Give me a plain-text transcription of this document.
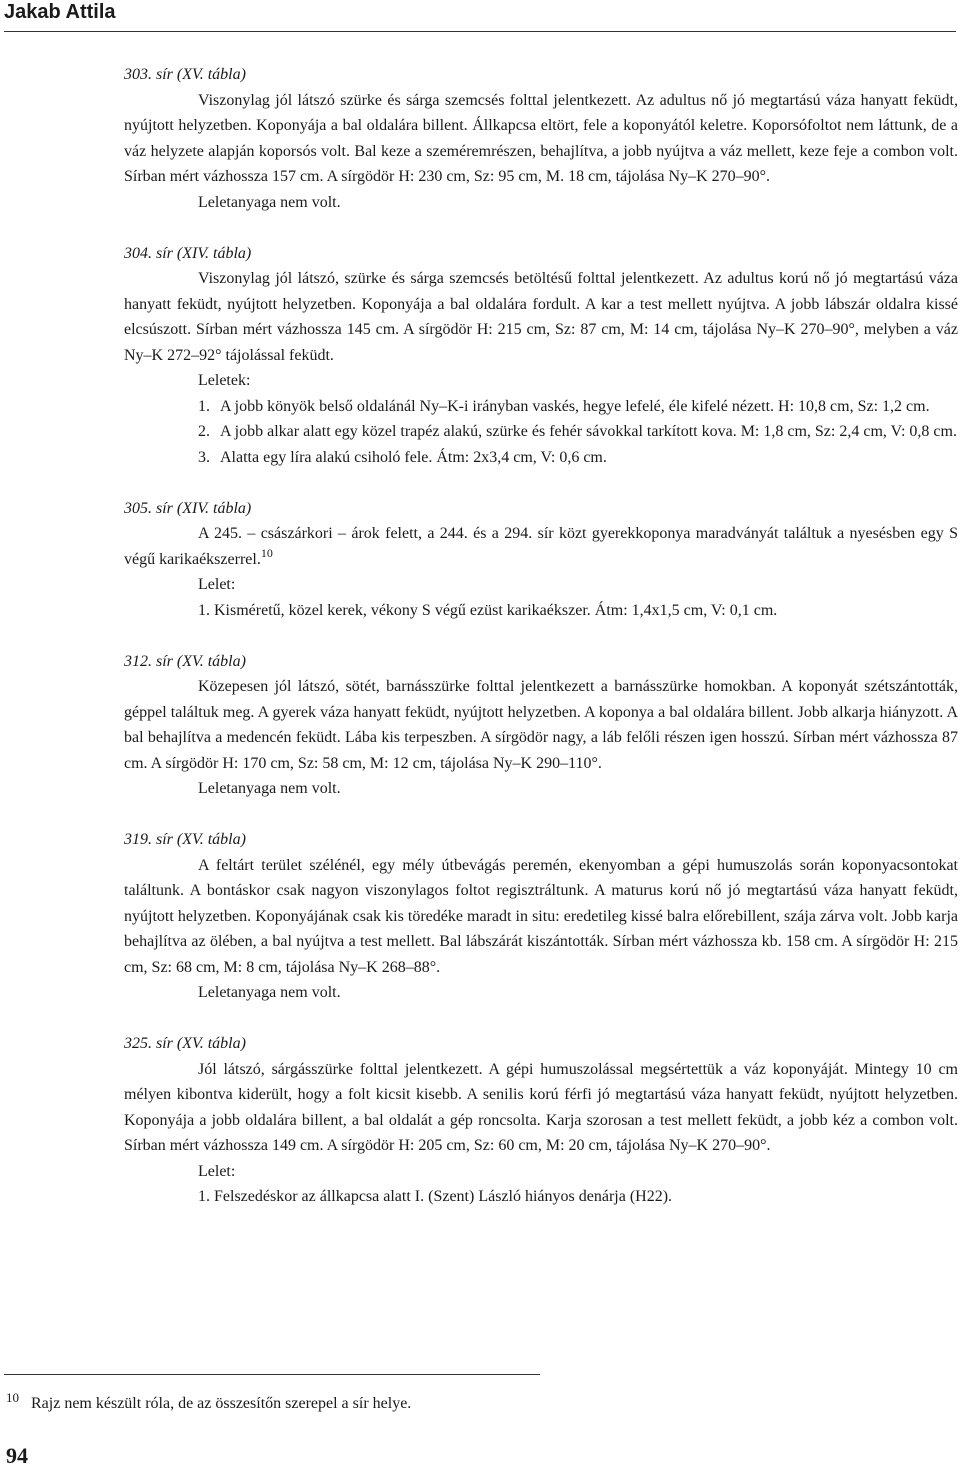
Jakab Attila
303. sír (XV. tábla)

Viszonylag jól látszó szürke és sárga szemcsés folttal jelentkezett. Az adultus nő jó megtartású váza hanyatt feküdt, nyújtott helyzetben. Koponyája a bal oldalára billent. Állkapcsa eltört, fele a koponyától keletre. Koporsófoltot nem láttunk, de a váz helyzete alapján koporsós volt. Bal keze a szeméremrészen, behajlítva, a jobb nyújtva a váz mellett, keze feje a combon volt. Sírban mért vázhossza 157 cm. A sírgödör H: 230 cm, Sz: 95 cm, M. 18 cm, tájolása Ny–K 270–90°.

Leletanyaga nem volt.

304. sír (XIV. tábla)

Viszonylag jól látszó, szürke és sárga szemcsés betöltésű folttal jelentkezett. Az adultus korú nő jó megtartású váza hanyatt feküdt, nyújtott helyzetben. Koponyája a bal oldalára fordult. A kar a test mellett nyújtva. A jobb lábszár oldalra kissé elcsúszott. Sírban mért vázhossza 145 cm. A sírgödör H: 215 cm, Sz: 87 cm, M: 14 cm, tájolása Ny–K 270–90°, melyben a váz Ny–K 272–92° tájolással feküdt.

Leletek:

1. A jobb könyök belső oldalánál Ny–K-i irányban vaskés, hegye lefelé, éle kifelé nézett. H: 10,8 cm, Sz: 1,2 cm.
2. A jobb alkar alatt egy közel trapéz alakú, szürke és fehér sávokkal tarkított kova. M: 1,8 cm, Sz: 2,4 cm, V: 0,8 cm.
3. Alatta egy líra alakú csiholó fele. Átm: 2x3,4 cm, V: 0,6 cm.
305. sír (XIV. tábla)

A 245. – császárkori – árok felett, a 244. és a 294. sír közt gyerekkoponya maradványát találtuk a nyesésben egy S végű karikaékszerrel.$^{10}$

Lelet:

1. Kisméretű, közel kerek, vékony S végű ezüst karikaékszer. Átm: 1,4x1,5 cm, V: 0,1 cm.

312. sír (XV. tábla)

Közepesen jól látszó, sötét, barnásszürke folttal jelentkezett a barnásszürke homokban. A koponyát szétszántották, géppel találtuk meg. A gyerek váza hanyatt feküdt, nyújtott helyzetben. A koponya a bal oldalára billent. Jobb alkarja hiányzott. A bal behajlítva a medencén feküdt. Lába kis terpeszben. A sírgödör nagy, a láb felőli részen igen hosszú. Sírban mért vázhossza 87 cm. A sírgödör H: 170 cm, Sz: 58 cm, M: 12 cm, tájolása Ny–K 290–110°.

Leletanyaga nem volt.

319. sír (XV. tábla)

A feltárt terület szélénél, egy mély útbevágás peremén, ekenyomban a gépi humuszolás során koponyacsontokat találtunk. A bontáskor csak nagyon viszonylagos foltot regisztráltunk. A maturus korú nő jó megtartású váza hanyatt feküdt, nyújtott helyzetben. Koponyájának csak kis töredéke maradt in situ: eredetileg kissé balra előrebillent, szája zárva volt. Jobb karja behajlítva az ölében, a bal nyújtva a test mellett. Bal lábszárát kiszántották. Sírban mért vázhossza kb. 158 cm. A sírgödör H: 215 cm, Sz: 68 cm, M: 8 cm, tájolása Ny–K 268–88°.

Leletanyaga nem volt.

325. sír (XV. tábla)

Jól látszó, sárgásszürke folttal jelentkezett. A gépi humuszolással megsértettük a váz koponyáját. Mintegy 10 cm mélyen kibontva kiderült, hogy a folt kicsit kisebb. A senilis korú férfi jó megtartású váza hanyatt feküdt, nyújtott helyzetben. Koponyája a jobb oldalára billent, a bal oldalát a gép roncsolta. Karja szorosan a test mellett feküdt, a jobb kéz a combon volt. Sírban mért vázhossza 149 cm. A sírgödör H: 205 cm, Sz: 60 cm, M: 20 cm, tájolása Ny–K 270–90°.

Lelet:

1. Felszedéskor az állkapcsa alatt I. (Szent) László hiányos denárja (H22).

$^{10}$ Rajz nem készült róla, de az összesítőn szerepel a sír helye.
94
